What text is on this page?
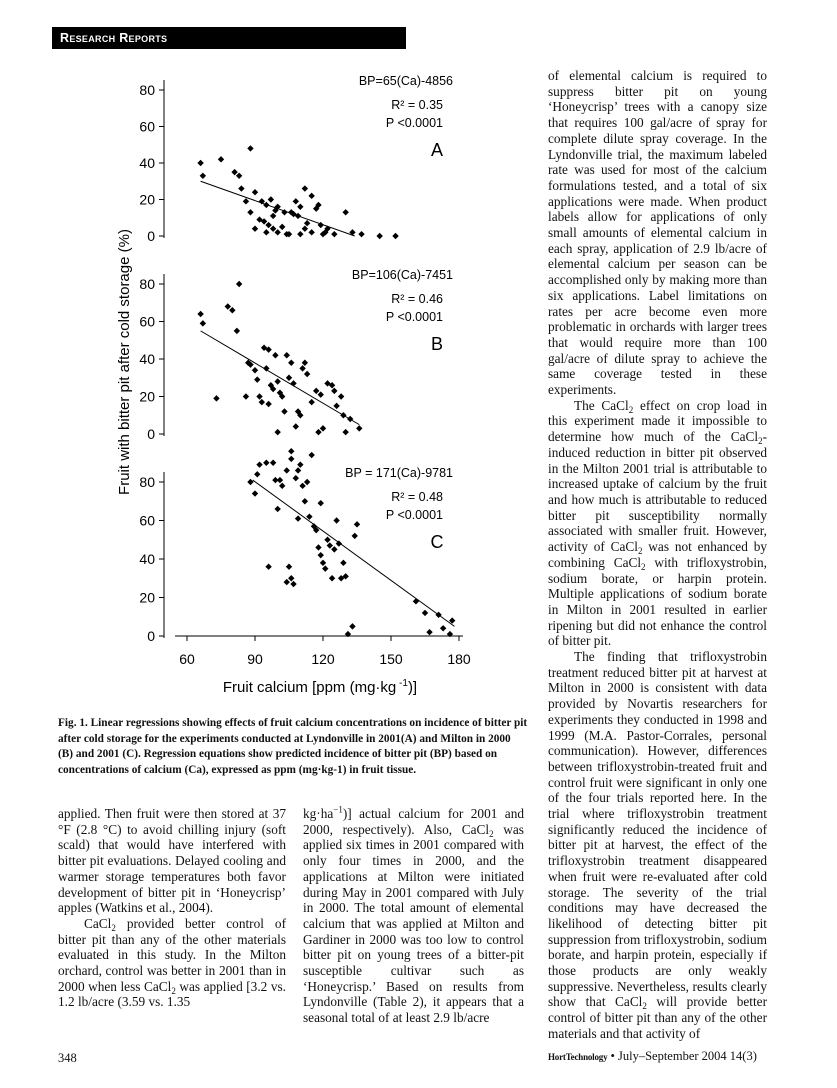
Research Reports
0
20
40
60
80
BP=65(Ca)-4856
R² = 0.35
P <0.0001
A
0
20
40
60
80
BP=106(Ca)-7451
R² = 0.46
P <0.0001
B
0
20
40
60
80
BP = 171(Ca)-9781
R² = 0.48
P <0.0001
C
60	90	120	150	180
Fruit calcium [ppm (mg·kg $^{-1}$)]
Fruit with bitter pit after cold storage (%)

Fig. 1. Linear regressions showing effects of fruit calcium concentrations on incidence of bitter pit after cold storage for the experiments conducted at Lyndonville in 2001(A) and Milton in 2000 (B) and 2001 (C). Regression equations show predicted incidence of bitter pit (BP) based on concentrations of calcium (Ca), expressed as ppm (mg·kg-1) in fruit tissue.

applied. Then fruit were then stored at 37 °F (2.8 °C) to avoid chilling injury (soft scald) that would have interfered with bitter pit evaluations. Delayed cooling and warmer storage temperatures both favor development of bitter pit in ‘Honeycrisp’ apples (Watkins et al., 2004).

CaCl$_2$ provided better control of bitter pit than any of the other materials evaluated in this study. In the Milton orchard, control was better in 2001 than in 2000 when less CaCl$_2$ was applied [3.2 vs. 1.2 lb/acre (3.59 vs. 1.35

$kg\cdot ha^{-1}$)] actual calcium for 2001 and 2000, respectively). Also, CaCl$_2$ was applied six times in 2001 compared with only four times in 2000, and the applications at Milton were initiated during May in 2001 compared with July in 2000. The total amount of elemental calcium that was applied at Milton and Gardiner in 2000 was too low to control bitter pit on young trees of a bitter-pit susceptible cultivar such as ‘Honeycrisp.’ Based on results from Lyndonville (Table 2), it appears that a seasonal total of at least 2.9 lb/acre

of elemental calcium is required to suppress bitter pit on young ‘Honeycrisp’ trees with a canopy size that requires 100 gal/acre of spray for complete dilute spray coverage. In the Lyndonville trial, the maximum labeled rate was used for most of the calcium formulations tested, and a total of six applications were made. When product labels allow for applications of only small amounts of elemental calcium in each spray, application of 2.9 lb/acre of elemental calcium per season can be accomplished only by making more than six applications. Label limitations on rates per acre become even more problematic in orchards with larger trees that would require more than 100 gal/acre of dilute spray to achieve the same coverage tested in these experiments.

The CaCl$_2$ effect on crop load in this experiment made it impossible to determine how much of the CaCl$_2$-induced reduction in bitter pit observed in the Milton 2001 trial is attributable to increased uptake of calcium by the fruit and how much is attributable to reduced bitter pit susceptibility normally associated with smaller fruit. However, activity of CaCl$_2$ was not enhanced by combining CaCl$_2$ with trifloxystrobin, sodium borate, or harpin protein. Multiple applications of sodium borate in Milton in 2001 resulted in earlier ripening but did not enhance the control of bitter pit.

The finding that trifloxystrobin treatment reduced bitter pit at harvest at Milton in 2000 is consistent with data provided by Novartis researchers for experiments they conducted in 1998 and 1999 (M.A. Pastor-Corrales, personal communication). However, differences between trifloxystrobin-treated fruit and control fruit were significant in only one of the four trials reported here. In the trial where trifloxystrobin treatment significantly reduced the incidence of bitter pit at harvest, the effect of the trifloxystrobin treatment disappeared when fruit were re-evaluated after cold storage. The severity of the trial conditions may have decreased the likelihood of detecting bitter pit suppression from trifloxystrobin, sodium borate, and harpin protein, especially if those products are only weakly suppressive. Nevertheless, results clearly show that CaCl$_2$ will provide better control of bitter pit than any of the other materials and that activity of

348	HortTechnology • July–September 2004 14(3)
